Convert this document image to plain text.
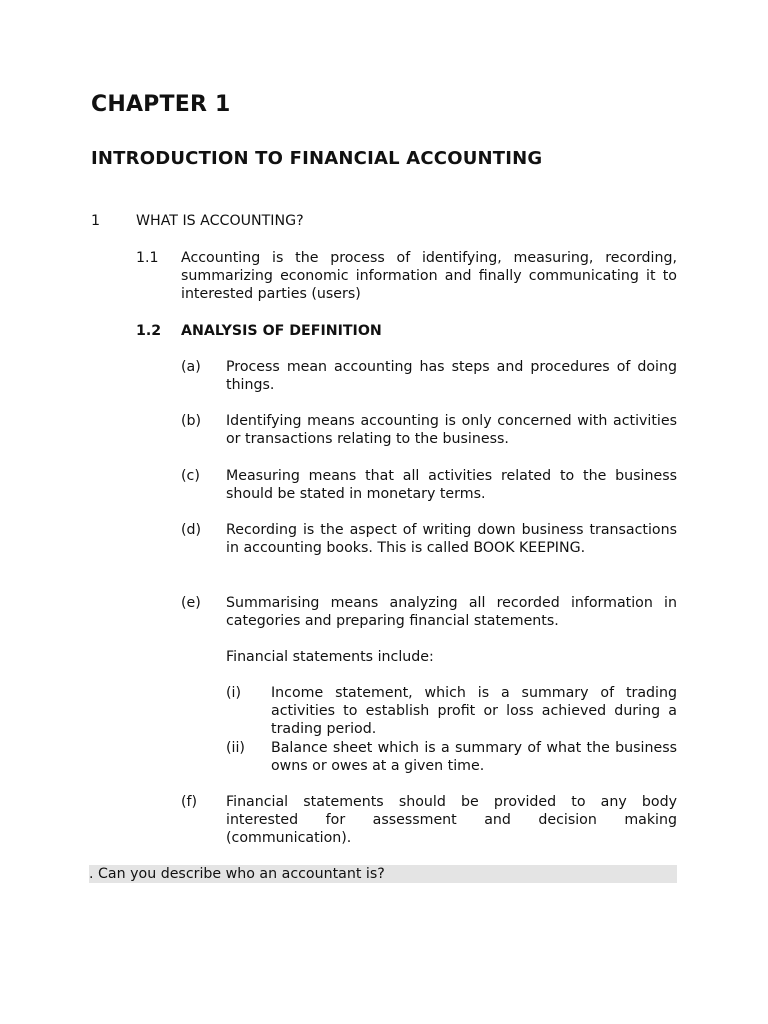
CHAPTER 1
INTRODUCTION TO FINANCIAL ACCOUNTING
1	WHAT IS ACCOUNTING?
1.1 Accounting is the process of identifying, measuring, recording, summarizing economic information and finally communicating it to interested parties (users)
1.2 ANALYSIS OF DEFINITION
(a) Process mean accounting has steps and procedures of doing things.
(b) Identifying means accounting is only concerned with activities or transactions relating to the business.
(c) Measuring means that all activities related to the business should be stated in monetary terms.
(d) Recording is the aspect of writing down business transactions in accounting books. This is called BOOK KEEPING.
(e) Summarising means analyzing all recorded information in categories and preparing financial statements.
Financial statements include:
(i) Income statement, which is a summary of trading activities to establish profit or loss achieved during a trading period.
(ii) Balance sheet which is a summary of what the business owns or owes at a given time.
(f) Financial statements should be provided to any body interested for assessment and decision making (communication).
. Can you describe who an accountant is?
